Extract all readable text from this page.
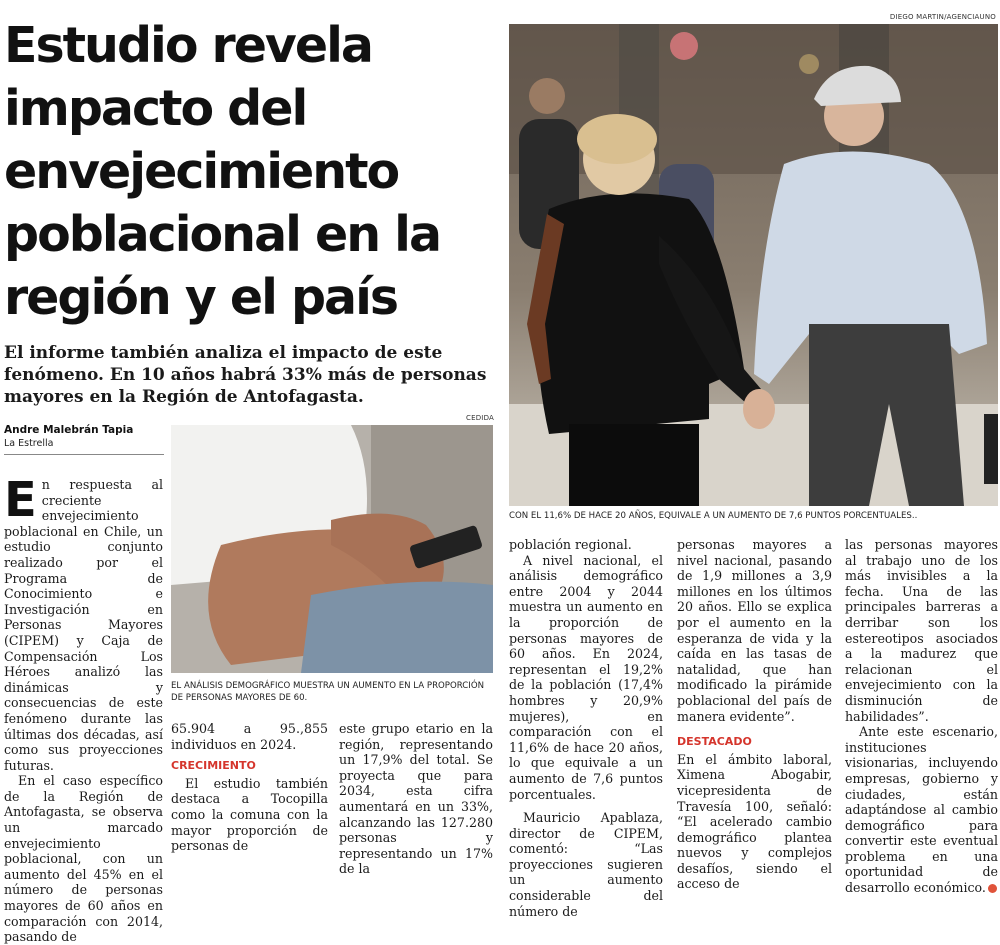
Estudio revela impacto del envejecimiento poblacional en la región y el país

El informe también analiza el impacto de este fenómeno. En 10 años habrá 33% más de personas mayores en la Región de Antofagasta.

DIEGO MARTIN/AGENCIAUNO
CON EL 11,6% DE HACE 20 AÑOS, EQUIVALE A UN AUMENTO DE 7,6 PUNTOS PORCENTUALES..
Andre Malebrán Tapia
La Estrella
CEDIDA
EL ANÁLISIS DEMOGRÁFICO MUESTRA UN AUMENTO EN LA PROPORCIÓN DE PERSONAS MAYORES DE 60.

En respuesta al creciente envejecimiento poblacional en Chile, un estudio conjunto realizado por el Programa de Conocimiento e Investigación en Personas Mayores (CIPEM) y Caja de Compensación Los Héroes analizó las dinámicas y consecuencias de este fenómeno durante las últimas dos décadas, así como sus proyecciones futuras.

En el caso específico de la Región de Antofagasta, se observa un marcado envejecimiento poblacional, con un aumento del 45% en el número de personas mayores de 60 años en comparación con 2014, pasando de

65.904 a 95.,855 individuos en 2024.

CRECIMIENTO

El estudio también destaca a Tocopilla como la comuna con la mayor proporción de personas de

este grupo etario en la región, representando un 17,9% del total. Se proyecta que para 2034, esta cifra aumentará en un 33%, alcanzando las 127.280 personas y representando un 17% de la

población regional.

A nivel nacional, el análisis demográfico entre 2004 y 2044 muestra un aumento en la proporción de personas mayores de 60 años. En 2024, representan el 19,2% de la población (17,4% hombres y 20,9% mujeres), en comparación con el 11,6% de hace 20 años, lo que equivale a un aumento de 7,6 puntos porcentuales.

Mauricio Apablaza, director de CIPEM, comentó: “Las proyecciones sugieren un aumento considerable del número de

personas mayores a nivel nacional, pasando de 1,9 millones a 3,9 millones en los últimos 20 años. Ello se explica por el aumento en la esperanza de vida y la caída en las tasas de natalidad, que han modificado la pirámide poblacional del país de manera evidente”.

DESTACADO

En el ámbito laboral, Ximena Abogabir, vicepresidenta de Travesía 100, señaló: “El acelerado cambio demográfico plantea nuevos y complejos desafíos, siendo el acceso de

las personas mayores al trabajo uno de los más invisibles a la fecha. Una de las principales barreras a derribar son los estereotipos asociados a la madurez que relacionan el envejecimiento con la disminución de habilidades”.

Ante este escenario, instituciones visionarias, incluyendo empresas, gobierno y ciudades, están adaptándose al cambio demográfico para convertir este eventual problema en una oportunidad de desarrollo económico.
